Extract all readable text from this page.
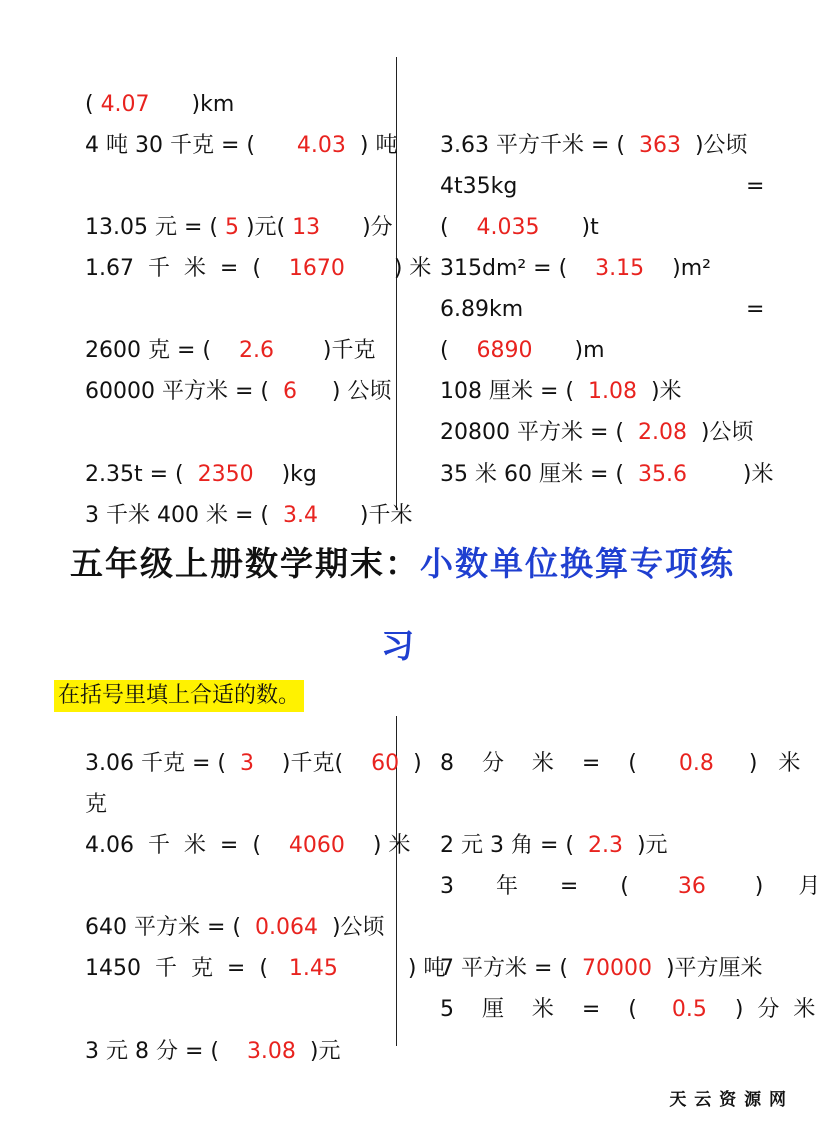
( 4.07      )km

4 吨 30 千克 = (      4.03  ) 吨

13.05 元 = ( 5 )元( 13      )分

1.67  千  米  =  (    1670       ) 米

2600 克 = (    2.6       )千克

60000 平方米 = (  6     ) 公顷

2.35t = (  2350    )kg

3 千米 400 米 = (  3.4      )千米

3.63 平方千米 = (  363  )公顷

4t35kg
	=

(    4.035      )t

315dm² = (    3.15    )m²

6.89km
	=

(    6890      )m

108 厘米 = (  1.08  )米

20800 平方米 = (  2.08  )公顷

35 米 60 厘米 = (  35.6        )米

五年级上册数学期末：小数单位换算专项练
习
在括号里填上合适的数。

3.06 千克 = (  3    )千克(    60  )

克

4.06  千  米  =  (    4060    ) 米

640 平方米 = (  0.064  )公顷

1450  千  克  =  (   1.45          ) 吨

3 元 8 分 = (    3.08  )元

8    分    米    =    (      0.8     )   米

2 元 3 角 = (  2.3  )元

3      年      =      (       36       )     月

7 平方米 = (  70000  )平方厘米

5    厘    米    =    (     0.5    )  分  米

天 云 资 源 网
